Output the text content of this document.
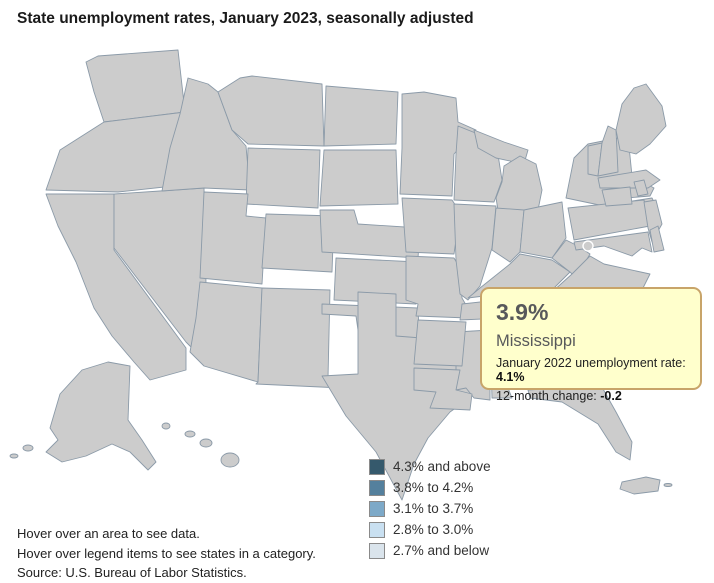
State unemployment rates, January 2023, seasonally adjusted
3.9%
Mississippi
January 2022 unemployment rate: 4.1%
12-month change: -0.2
4.3% and above
3.8% to 4.2%
3.1% to 3.7%
2.8% to 3.0%
2.7% and below
Hover over an area to see data.
Hover over legend items to see states in a category.
Source: U.S. Bureau of Labor Statistics.
